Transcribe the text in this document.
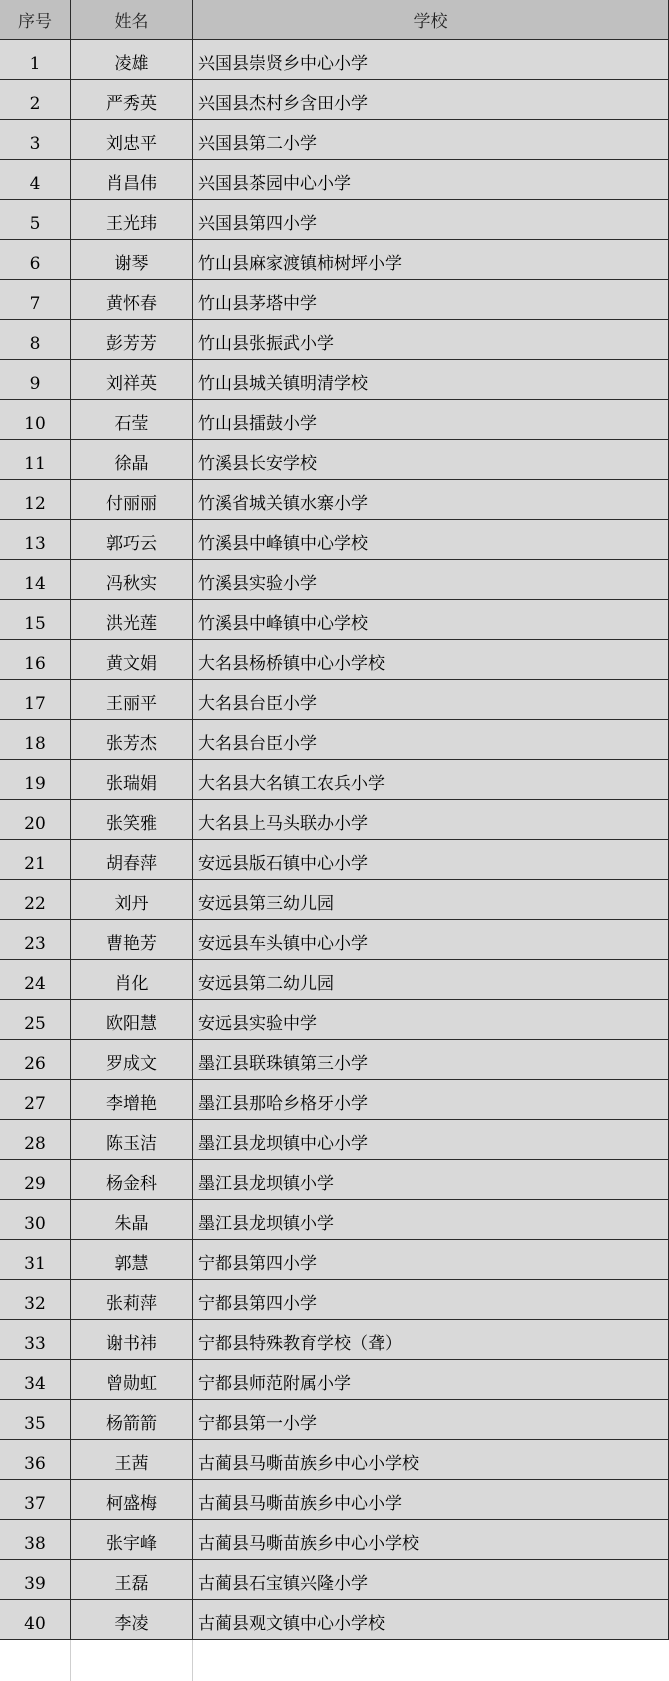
序号	姓名	学校
1	凌雄	兴国县崇贤乡中心小学
2	严秀英	兴国县杰村乡含田小学
3	刘忠平	兴国县第二小学
4	肖昌伟	兴国县茶园中心小学
5	王光玮	兴国县第四小学
6	谢琴	竹山县麻家渡镇柿树坪小学
7	黄怀春	竹山县茅塔中学
8	彭芳芳	竹山县张振武小学
9	刘祥英	竹山县城关镇明清学校
10	石莹	竹山县擂鼓小学
11	徐晶	竹溪县长安学校
12	付丽丽	竹溪省城关镇水寨小学
13	郭巧云	竹溪县中峰镇中心学校
14	冯秋实	竹溪县实验小学
15	洪光莲	竹溪县中峰镇中心学校
16	黄文娟	大名县杨桥镇中心小学校
17	王丽平	大名县台臣小学
18	张芳杰	大名县台臣小学
19	张瑞娟	大名县大名镇工农兵小学
20	张笑雅	大名县上马头联办小学
21	胡春萍	安远县版石镇中心小学
22	刘丹	安远县第三幼儿园
23	曹艳芳	安远县车头镇中心小学
24	肖化	安远县第二幼儿园
25	欧阳慧	安远县实验中学
26	罗成文	墨江县联珠镇第三小学
27	李增艳	墨江县那哈乡格牙小学
28	陈玉洁	墨江县龙坝镇中心小学
29	杨金科	墨江县龙坝镇小学
30	朱晶	墨江县龙坝镇小学
31	郭慧	宁都县第四小学
32	张莉萍	宁都县第四小学
33	谢书祎	宁都县特殊教育学校（聋）
34	曾勋虹	宁都县师范附属小学
35	杨箭箭	宁都县第一小学
36	王茜	古蔺县马嘶苗族乡中心小学校
37	柯盛梅	古蔺县马嘶苗族乡中心小学
38	张宇峰	古蔺县马嘶苗族乡中心小学校
39	王磊	古蔺县石宝镇兴隆小学
40	李凌	古蔺县观文镇中心小学校
